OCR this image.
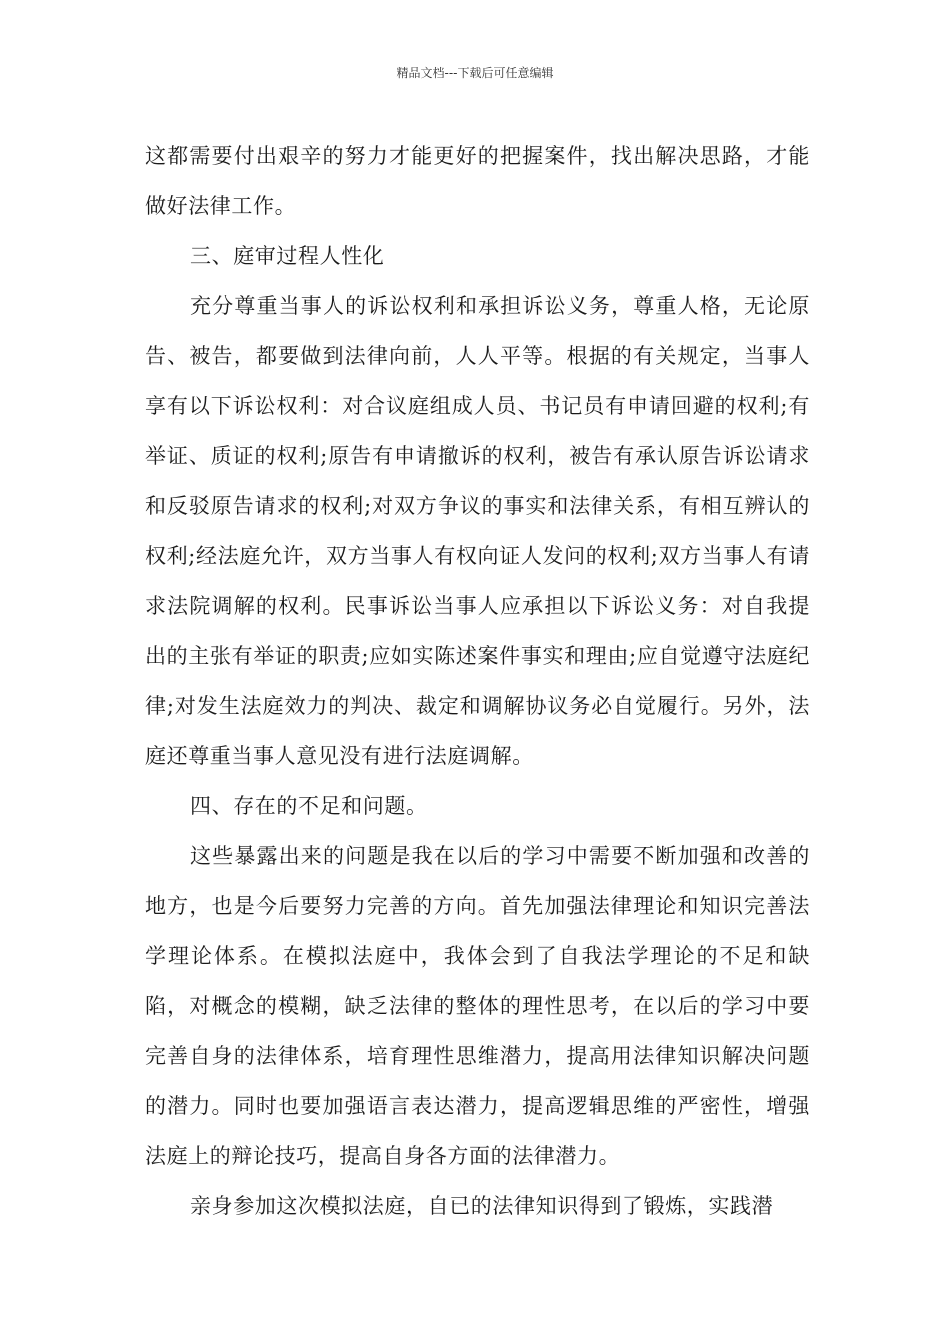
精品文档---下载后可任意编辑

这都需要付出艰辛的努力才能更好的把握案件，找出解决思路，才能做好法律工作。

三、庭审过程人性化

充分尊重当事人的诉讼权利和承担诉讼义务，尊重人格，无论原告、被告，都要做到法律向前，人人平等。根据的有关规定，当事人享有以下诉讼权利：对合议庭组成人员、书记员有申请回避的权利;有举证、质证的权利;原告有申请撤诉的权利，被告有承认原告诉讼请求和反驳原告请求的权利;对双方争议的事实和法律关系，有相互辨认的权利;经法庭允许，双方当事人有权向证人发问的权利;双方当事人有请求法院调解的权利。民事诉讼当事人应承担以下诉讼义务：对自我提出的主张有举证的职责;应如实陈述案件事实和理由;应自觉遵守法庭纪律;对发生法庭效力的判决、裁定和调解协议务必自觉履行。另外，法庭还尊重当事人意见没有进行法庭调解。

四、存在的不足和问题。

这些暴露出来的问题是我在以后的学习中需要不断加强和改善的地方，也是今后要努力完善的方向。首先加强法律理论和知识完善法学理论体系。在模拟法庭中，我体会到了自我法学理论的不足和缺陷，对概念的模糊，缺乏法律的整体的理性思考，在以后的学习中要完善自身的法律体系，培育理性思维潜力，提高用法律知识解决问题的潜力。同时也要加强语言表达潜力，提高逻辑思维的严密性，增强法庭上的辩论技巧，提高自身各方面的法律潜力。

亲身参加这次模拟法庭，自已的法律知识得到了锻炼，实践潜
